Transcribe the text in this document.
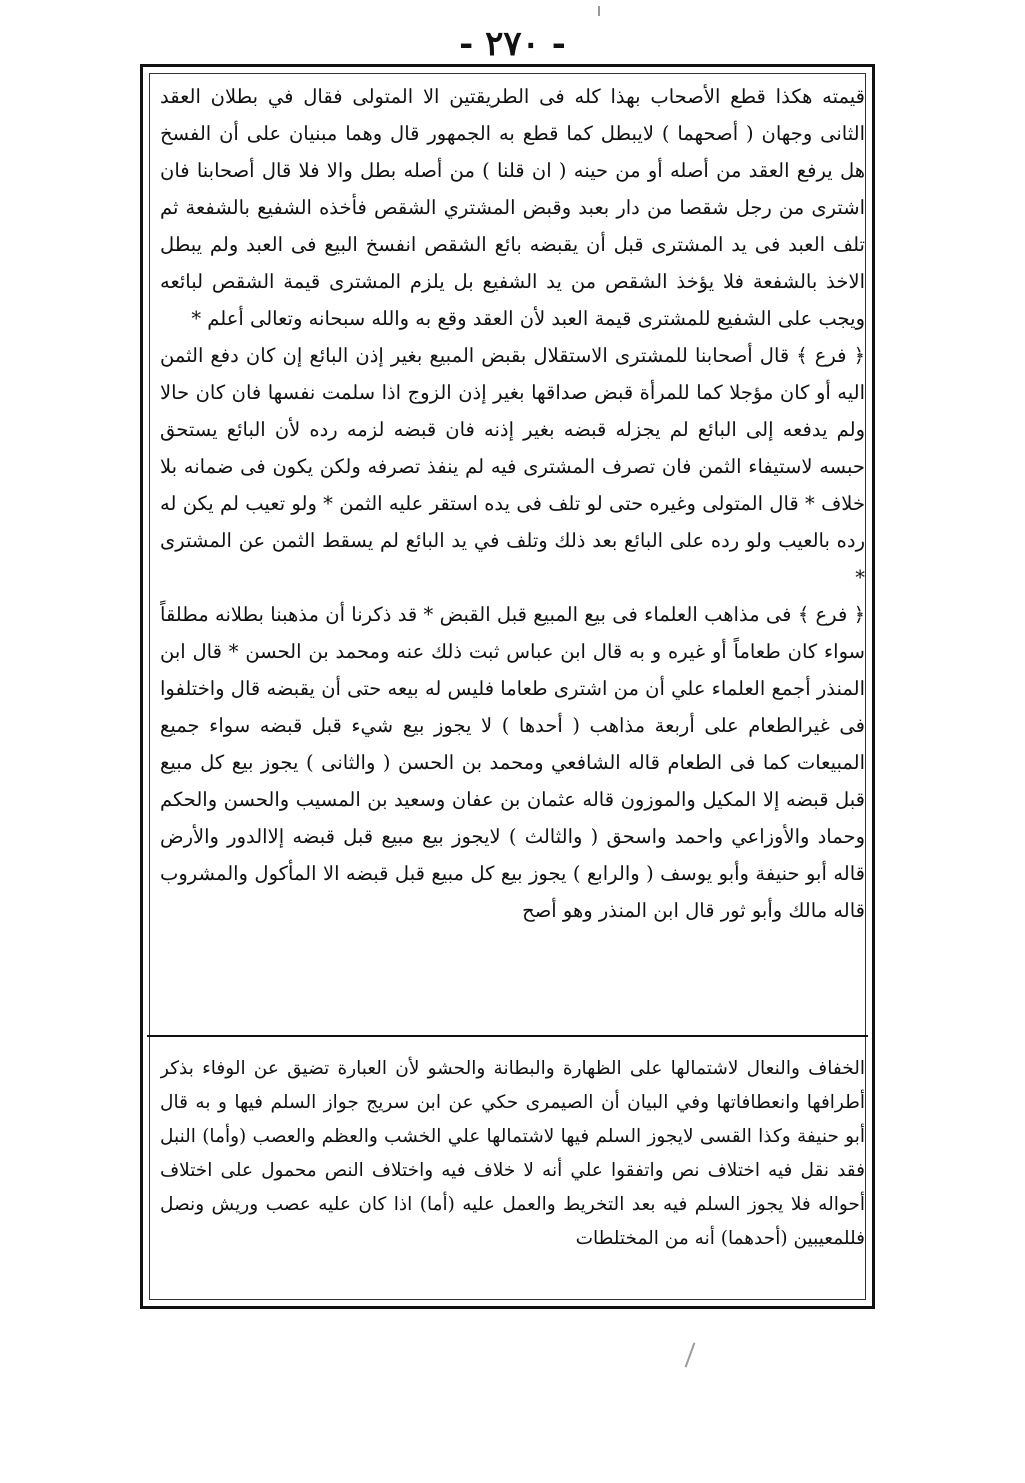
- ٢٧٠ -

قيمته هكذا قطع الأصحاب بهذا كله فى الطريقتين الا المتولى فقال في بطلان العقد الثانى وجهان ( أصحهما ) لايبطل كما قطع به الجمهور قال وهما مبنيان على أن الفسخ هل يرفع العقد من أصله أو من حينه ( ان قلنا ) من أصله بطل والا فلا قال أصحابنا فان اشترى من رجل شقصا من دار بعبد وقبض المشتري الشقص فأخذه الشفيع بالشفعة ثم تلف العبد فى يد المشترى قبل أن يقبضه بائع الشقص انفسخ البيع فى العبد ولم يبطل الاخذ بالشفعة فلا يؤخذ الشقص من يد الشفيع بل يلزم المشترى قيمة الشقص لبائعه ويجب على الشفيع للمشترى قيمة العبد لأن العقد وقع به والله سبحانه وتعالى أعلم *

﴿ فرع ﴾ قال أصحابنا للمشترى الاستقلال بقبض المبيع بغير إذن البائع إن كان دفع الثمن اليه أو كان مؤجلا كما للمرأة قبض صداقها بغير إذن الزوج اذا سلمت نفسها فان كان حالا ولم يدفعه إلى البائع لم يجزله قبضه بغير إذنه فان قبضه لزمه رده لأن البائع يستحق حبسه لاستيفاء الثمن فان تصرف المشترى فيه لم ينفذ تصرفه ولكن يكون فى ضمانه بلا خلاف * قال المتولى وغيره حتى لو تلف فى يده استقر عليه الثمن * ولو تعيب لم يكن له رده بالعيب ولو رده على البائع بعد ذلك وتلف في يد البائع لم يسقط الثمن عن المشترى *

﴿ فرع ﴾ فى مذاهب العلماء فى بيع المبيع قبل القبض * قد ذكرنا أن مذهبنا بطلانه مطلقاً سواء كان طعاماً أو غيره و به قال ابن عباس ثبت ذلك عنه ومحمد بن الحسن * قال ابن المنذر أجمع العلماء علي أن من اشترى طعاما فليس له بيعه حتى أن يقبضه قال واختلفوا فى غيرالطعام على أربعة مذاهب ( أحدها ) لا يجوز بيع شيء قبل قبضه سواء جميع المبيعات كما فى الطعام قاله الشافعي ومحمد بن الحسن ( والثانى ) يجوز بيع كل مبيع قبل قبضه إلا المكيل والموزون قاله عثمان بن عفان وسعيد بن المسيب والحسن والحكم وحماد والأوزاعي واحمد واسحق ( والثالث ) لايجوز بيع مبيع قبل قبضه إلاالدور والأرض قاله أبو حنيفة وأبو يوسف ( والرابع ) يجوز بيع كل مبيع قبل قبضه الا المأكول والمشروب قاله مالك وأبو ثور قال ابن المنذر وهو أصح

الخفاف والنعال لاشتمالها على الظهارة والبطانة والحشو لأن العبارة تضيق عن الوفاء بذكر أطرافها وانعطافاتها وفي البيان أن الصيمرى حكي عن ابن سريج جواز السلم فيها و به قال أبو حنيفة وكذا القسى لايجوز السلم فيها لاشتمالها علي الخشب والعظم والعصب (وأما) النبل فقد نقل فيه اختلاف نص واتفقوا علي أنه لا خلاف فيه واختلاف النص محمول على اختلاف أحواله فلا يجوز السلم فيه بعد التخريط والعمل عليه (أما) اذا كان عليه عصب وريش ونصل فللمعيبين (أحدهما) أنه من المختلطات
